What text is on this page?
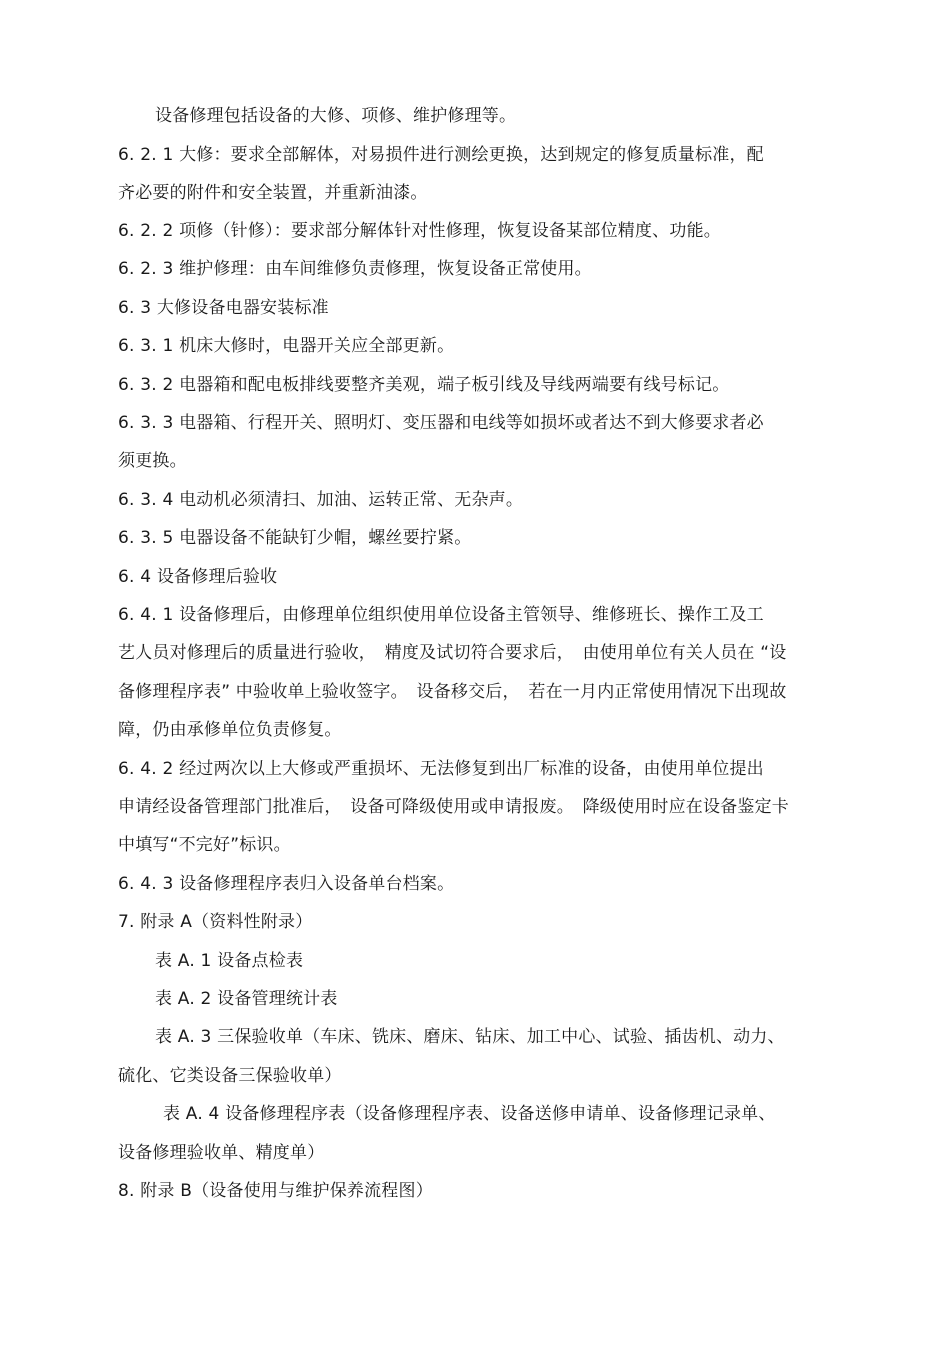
设备修理包括设备的大修、项修、维护修理等。
6. 2. 1 大修：要求全部解体，对易损件进行测绘更换，达到规定的修复质量标准，配
齐必要的附件和安全装置，并重新油漆。
6. 2. 2 项修（针修）：要求部分解体针对性修理，恢复设备某部位精度、功能。
6. 2. 3 维护修理：由车间维修负责修理，恢复设备正常使用。
6. 3 大修设备电器安装标准
6. 3. 1 机床大修时，电器开关应全部更新。
6. 3. 2 电器箱和配电板排线要整齐美观，端子板引线及导线两端要有线号标记。
6. 3. 3 电器箱、行程开关、照明灯、变压器和电线等如损坏或者达不到大修要求者必
须更换。
6. 3. 4 电动机必须清扫、加油、运转正常、无杂声。
6. 3. 5 电器设备不能缺钉少帽，螺丝要拧紧。
6. 4 设备修理后验收
6. 4. 1 设备修理后，由修理单位组织使用单位设备主管领导、维修班长、操作工及工
艺人员对修理后的质量进行验收，　精度及试切符合要求后，　由使用单位有关人员在 “设
备修理程序表” 中验收单上验收签字。　设备移交后，　若在一月内正常使用情况下出现故
障，仍由承修单位负责修复。
6. 4. 2 经过两次以上大修或严重损坏、无法修复到出厂标准的设备，由使用单位提出
申请经设备管理部门批准后，　设备可降级使用或申请报废。　降级使用时应在设备鉴定卡
中填写“不完好”标识。
6. 4. 3 设备修理程序表归入设备单台档案。
7. 附录 A（资料性附录）
表 A. 1 设备点检表
表 A. 2 设备管理统计表
表 A. 3 三保验收单（车床、铣床、磨床、钻床、加工中心、试验、插齿机、动力、
硫化、它类设备三保验收单）
表 A. 4 设备修理程序表（设备修理程序表、设备送修申请单、设备修理记录单、
设备修理验收单、精度单）
8. 附录 B（设备使用与维护保养流程图）
